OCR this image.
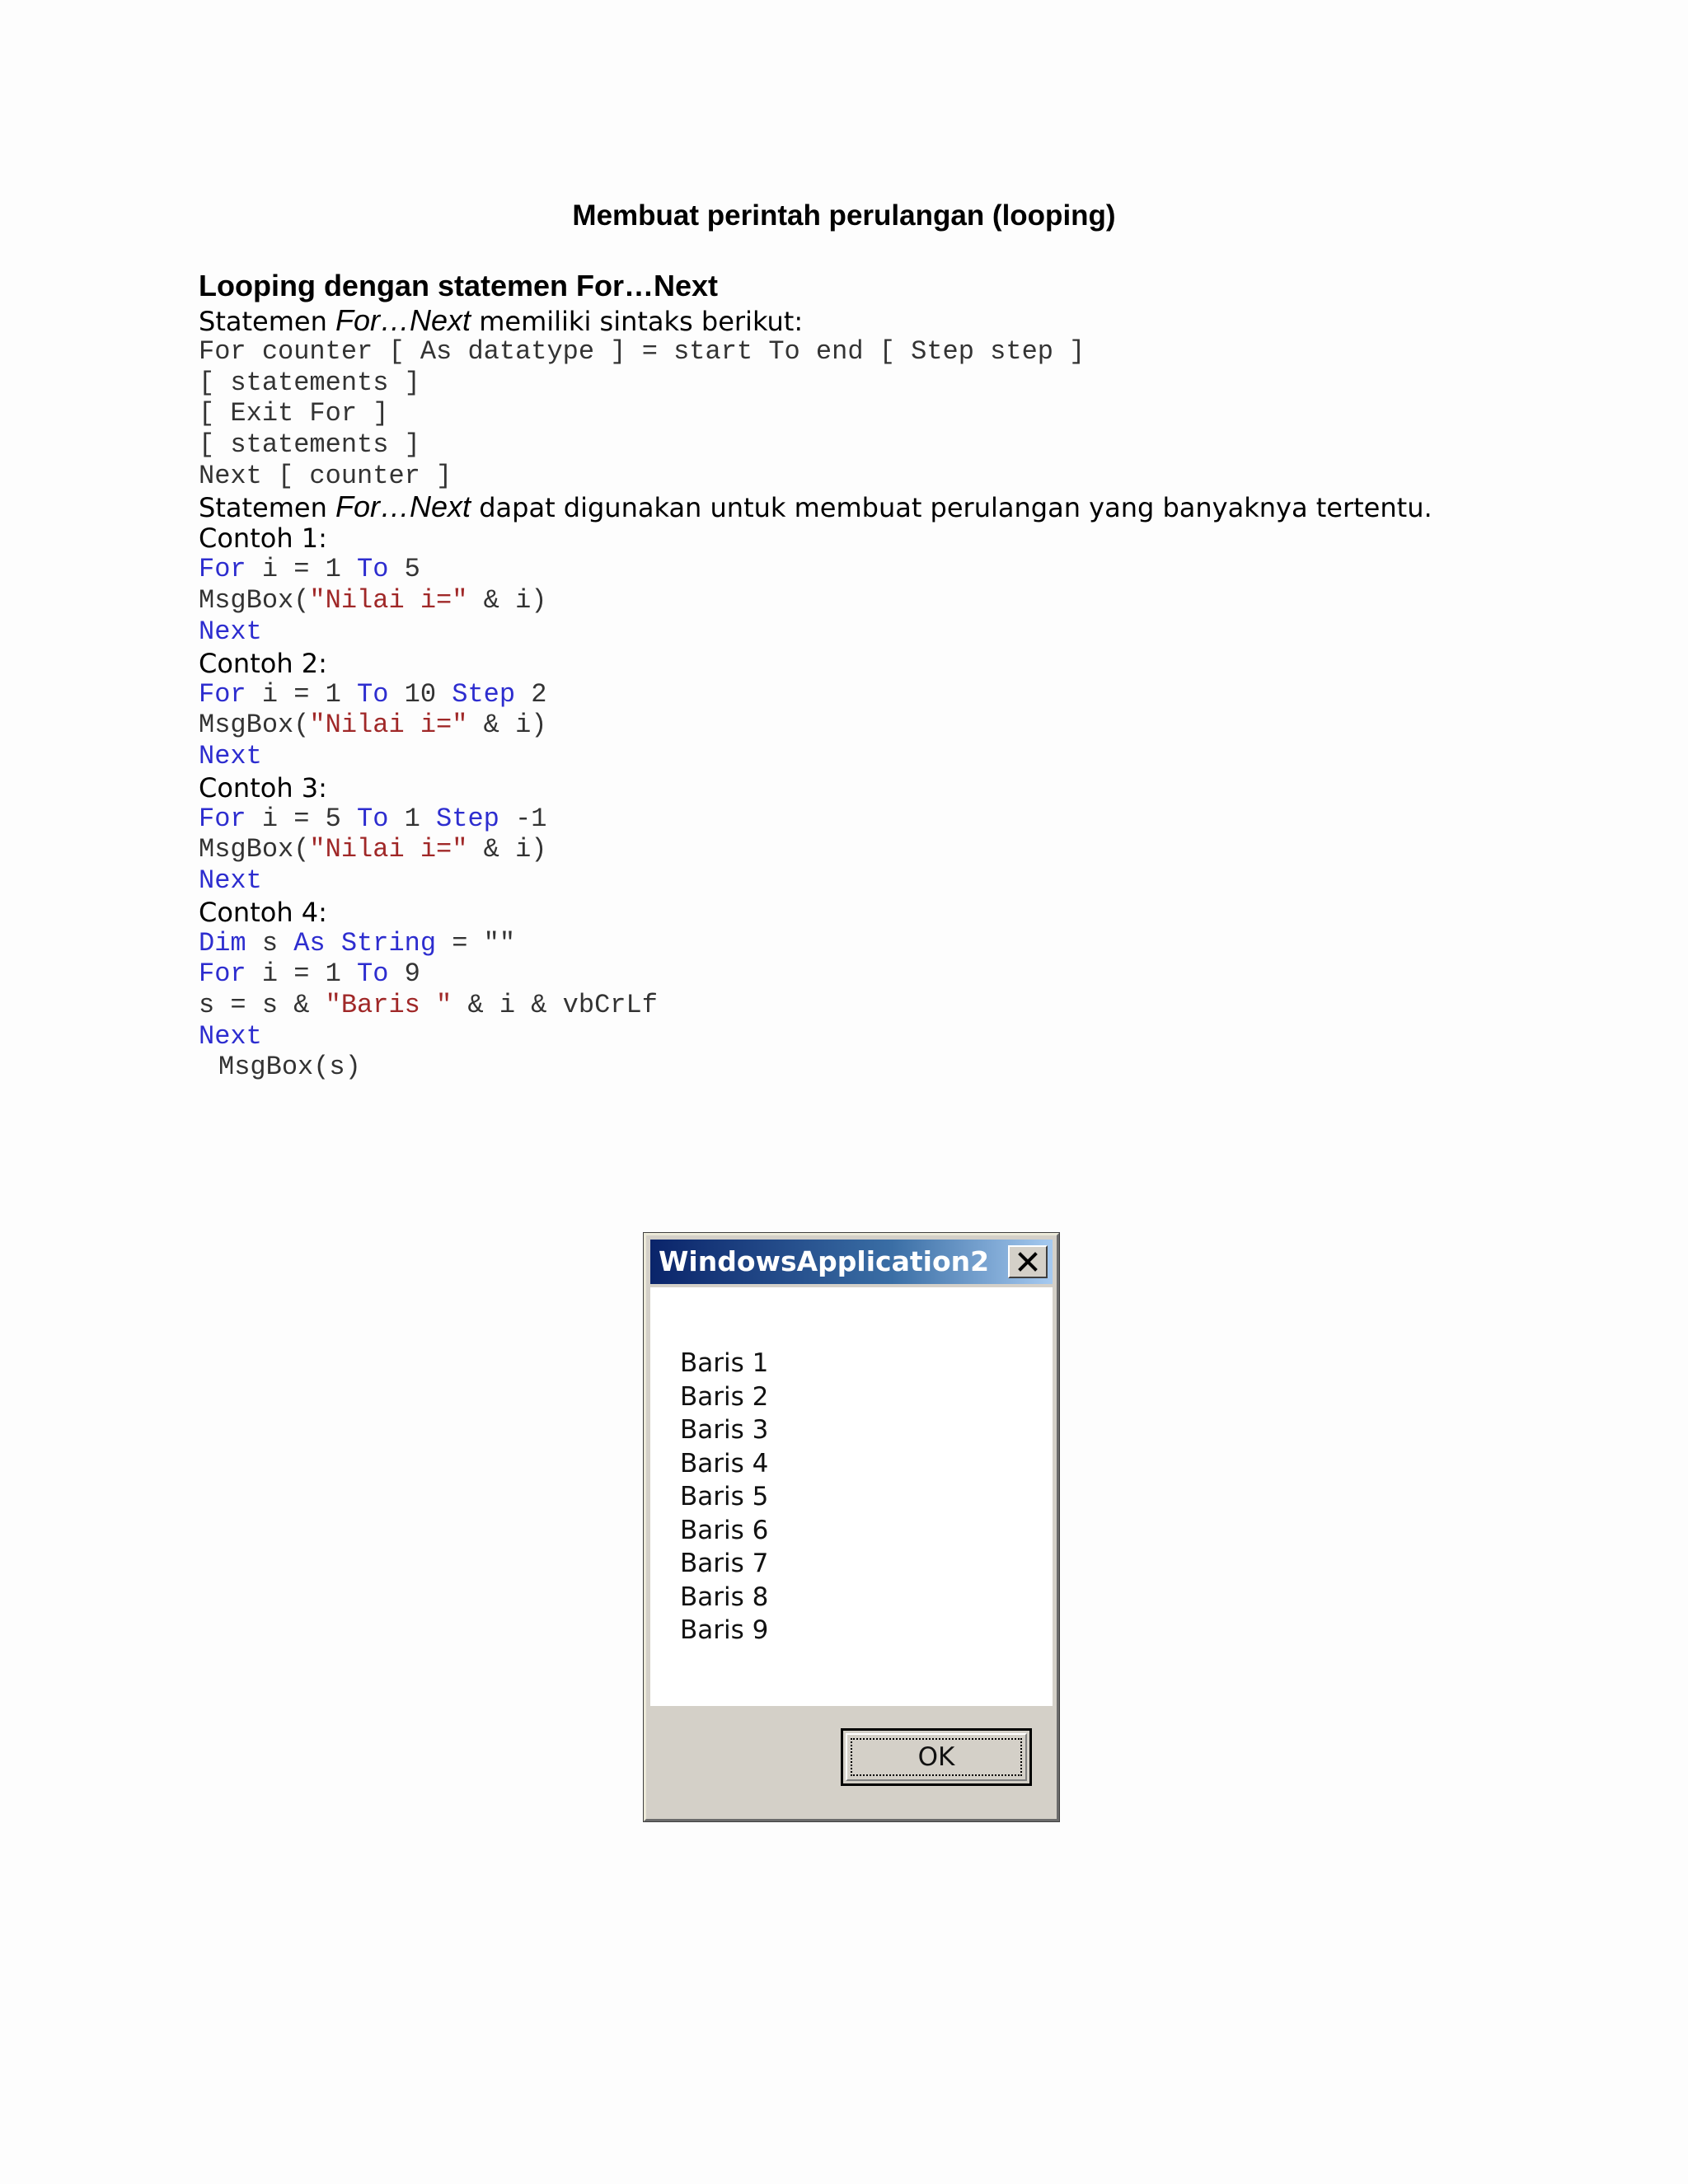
Membuat perintah perulangan (looping)
Looping dengan statemen For…Next
Statemen For…Next memiliki sintaks berikut:
For counter [ As datatype ] = start To end [ Step step ]
[ statements ]
[ Exit For ]
[ statements ]
Next [ counter ]
Statemen For…Next dapat digunakan untuk membuat perulangan yang banyaknya tertentu.
Contoh 1:
For i = 1 To 5
MsgBox("Nilai i=" & i)
Next
Contoh 2:
For i = 1 To 10 Step 2
MsgBox("Nilai i=" & i)
Next
Contoh 3:
For i = 5 To 1 Step -1
MsgBox("Nilai i=" & i)
Next
Contoh 4:
Dim s As String = ""
For i = 1 To 9
s = s & "Baris " & i & vbCrLf
Next
MsgBox(s)
WindowsApplication2
Baris 1
Baris 2
Baris 3
Baris 4
Baris 5
Baris 6
Baris 7
Baris 8
Baris 9
OK
